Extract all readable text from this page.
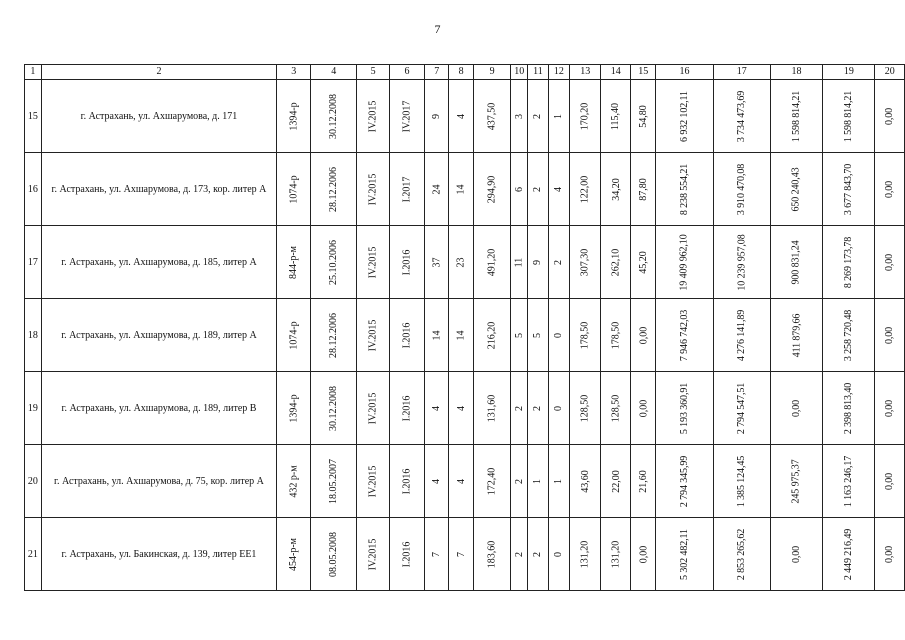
7
1	2	3	4	5	6	7	8	9	10	11	12	13	14	15	16	17	18	19	20
15	г. Астрахань, ул. Ахшарумова, д. 171	1394-р	30.12.2008	IV.2015	IV.2017	9	4	437,50	3	2	1	170,20	115,40	54,80	6 932 102,11	3 734 473,69	1 598 814,21	1 598 814,21	0,00
16	г. Астрахань, ул. Ахшарумова, д. 173, кор. литер А	1074-р	28.12.2006	IV.2015	I.2017	24	14	294,90	6	2	4	122,00	34,20	87,80	8 238 554,21	3 910 470,08	650 240,43	3 677 843,70	0,00
17	г. Астрахань, ул. Ахшарумова, д. 185, литер А	844-р-м	25.10.2006	IV.2015	I.2016	37	23	491,20	11	9	2	307,30	262,10	45,20	19 409 962,10	10 239 957,08	900 831,24	8 269 173,78	0,00
18	г. Астрахань, ул. Ахшарумова, д. 189, литер А	1074-р	28.12.2006	IV.2015	I.2016	14	14	216,20	5	5	0	178,50	178,50	0,00	7 946 742,03	4 276 141,89	411 879,66	3 258 720,48	0,00
19	г. Астрахань, ул. Ахшарумова, д. 189, литер В	1394-р	30.12.2008	IV.2015	I.2016	4	4	131,60	2	2	0	128,50	128,50	0,00	5 193 360,91	2 794 547,51	0,00	2 398 813,40	0,00
20	г. Астрахань, ул. Ахшарумова, д. 75, кор. литер А	432 р-м	18.05.2007	IV.2015	I.2016	4	4	172,40	2	1	1	43,60	22,00	21,60	2 794 345,99	1 385 124,45	245 975,37	1 163 246,17	0,00
21	г. Астрахань, ул. Бакинская, д. 139, литер ЕЕ1	454-р-м	08.05.2008	IV.2015	I.2016	7	7	183,60	2	2	0	131,20	131,20	0,00	5 302 482,11	2 853 265,62	0,00	2 449 216,49	0,00
